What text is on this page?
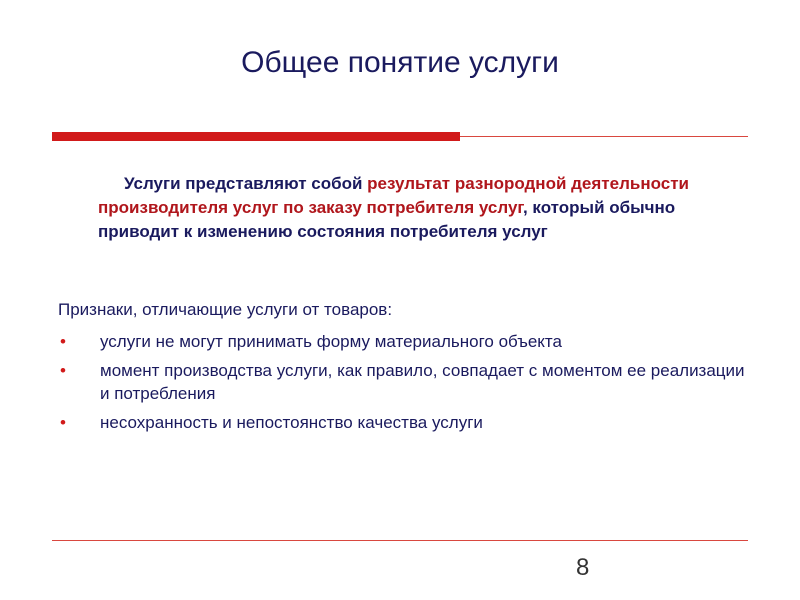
Общее понятие услуги
Услуги представляют собой результат разнородной деятельности производителя услуг по заказу потребителя услуг, который обычно приводит к изменению состояния потребителя услуг
Признаки, отличающие услуги от товаров:
• услуги не могут принимать форму материального объекта
• момент производства услуги, как правило, совпадает с моментом ее реализации и потребления
• несохранность и непостоянство качества услуги
8
